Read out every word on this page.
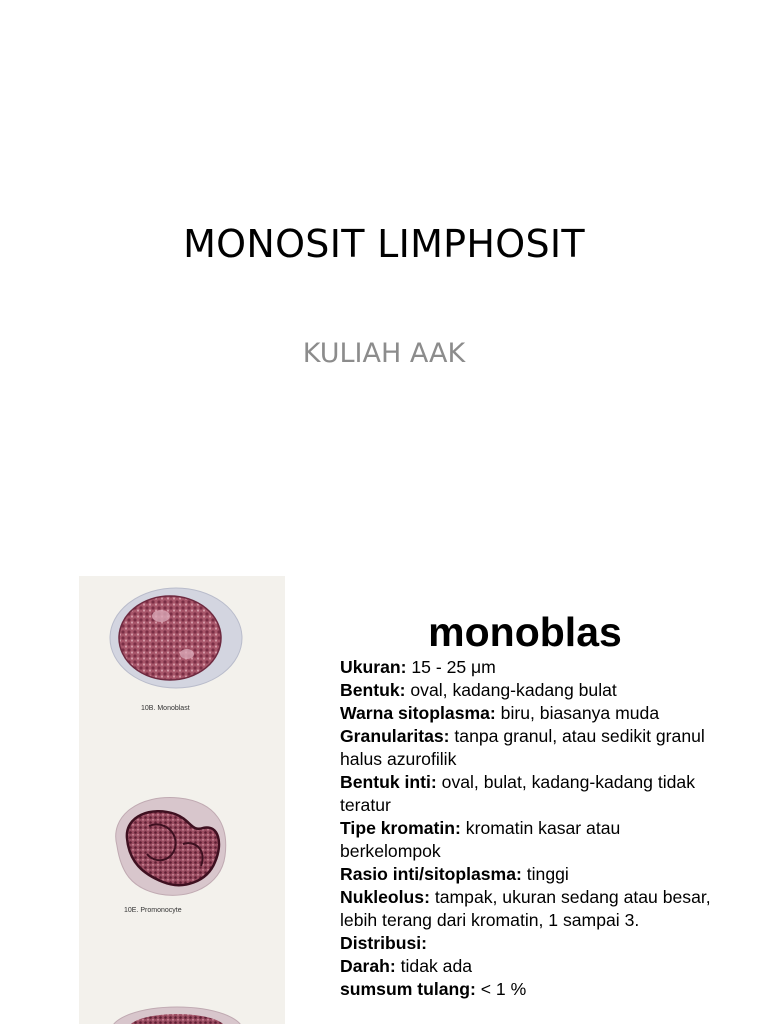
MONOSIT LIMPHOSIT
KULIAH AAK
10B. Monoblast
10E. Promonocyte
monoblas
Ukuran: 15 - 25 μm
Bentuk: oval, kadang-kadang bulat
Warna sitoplasma: biru, biasanya muda
Granularitas: tanpa granul, atau sedikit granul halus azurofilik
Bentuk inti: oval, bulat, kadang-kadang tidak teratur
Tipe kromatin: kromatin kasar atau berkelompok
Rasio inti/sitoplasma: tinggi
Nukleolus: tampak, ukuran sedang atau besar, lebih terang dari kromatin, 1 sampai 3.
Distribusi:
Darah: tidak ada
sumsum tulang: < 1 %
